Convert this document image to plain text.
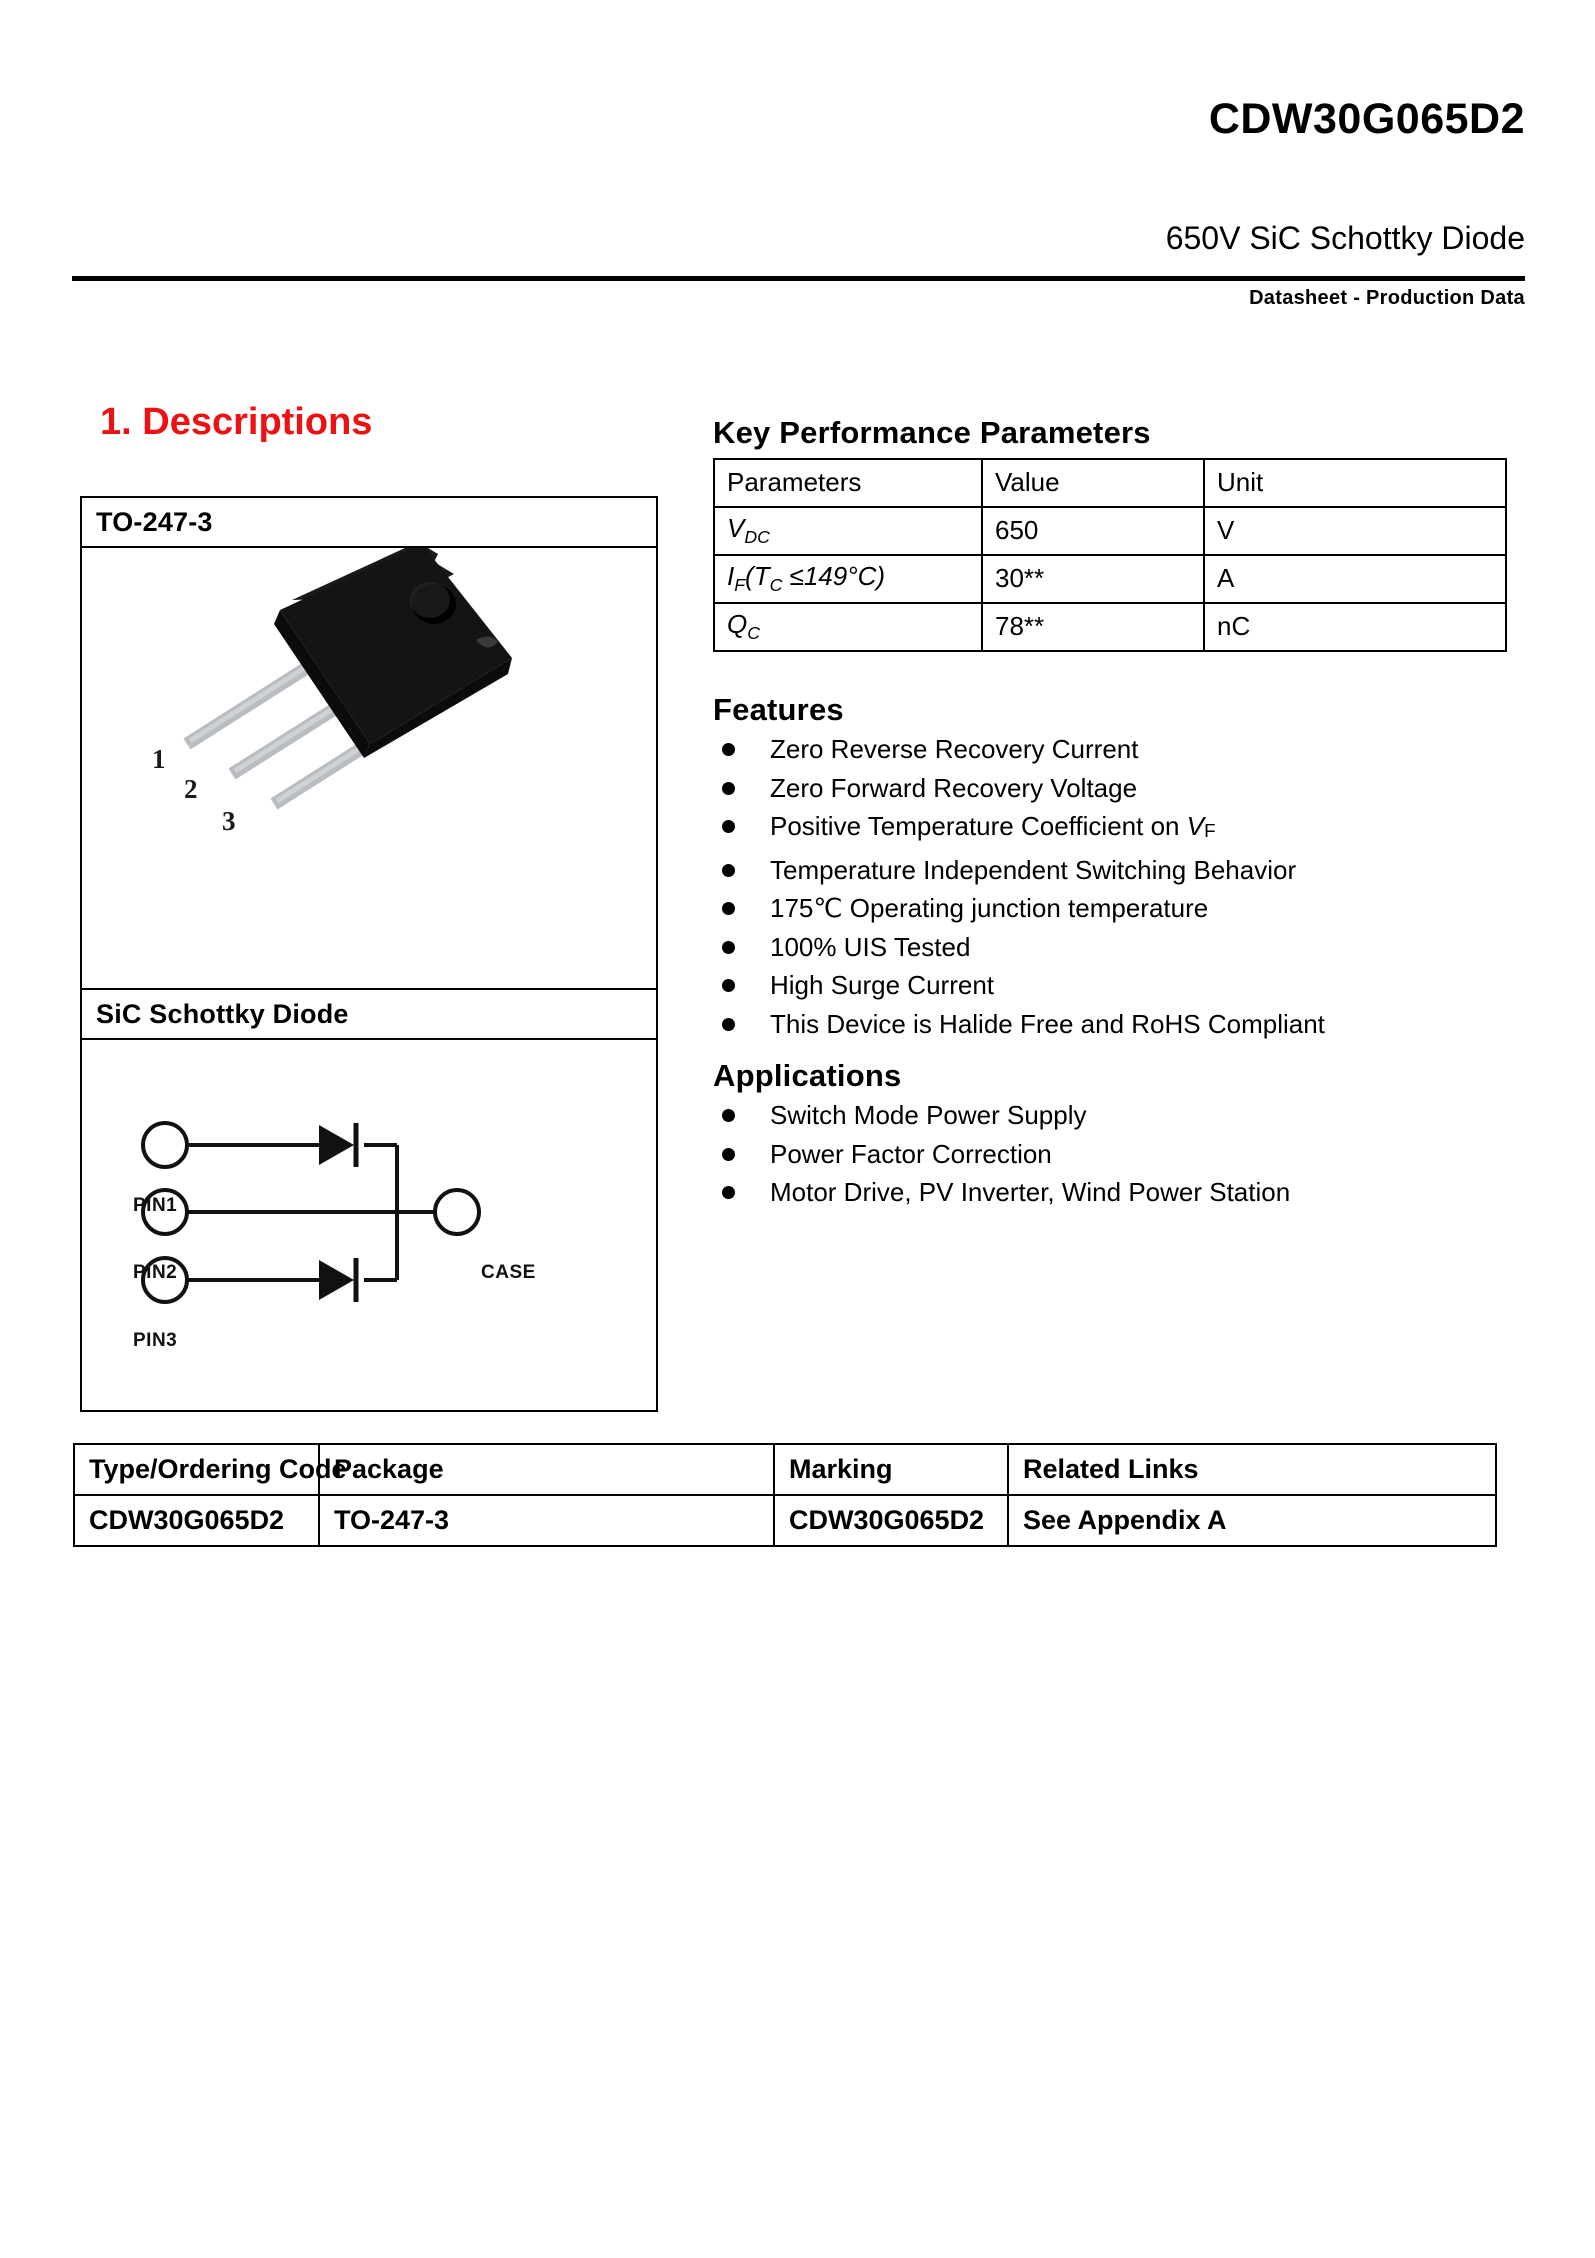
CDW30G065D2
650V SiC Schottky Diode
Datasheet - Production Data
1. Descriptions
TO-247-3
1
2
3
SiC Schottky Diode
PIN1
PIN2
PIN3
CASE
Key Performance Parameters
Parameters	Value	Unit
$V_{DC}$	650	V
$I_F(T_C \le 149^\circ C)$	30**	A
$Q_C$	78**	nC
Features
Zero Reverse Recovery Current
Zero Forward Recovery Voltage
Positive Temperature Coefficient on VF
Temperature Independent Switching Behavior
175℃ Operating junction temperature
100% UIS Tested
High Surge Current
This Device is Halide Free and RoHS Compliant
Applications
Switch Mode Power Supply
Power Factor Correction
Motor Drive, PV Inverter, Wind Power Station
Type/Ordering Code	Package	Marking	Related Links
CDW30G065D2	TO-247-3	CDW30G065D2	See Appendix A
